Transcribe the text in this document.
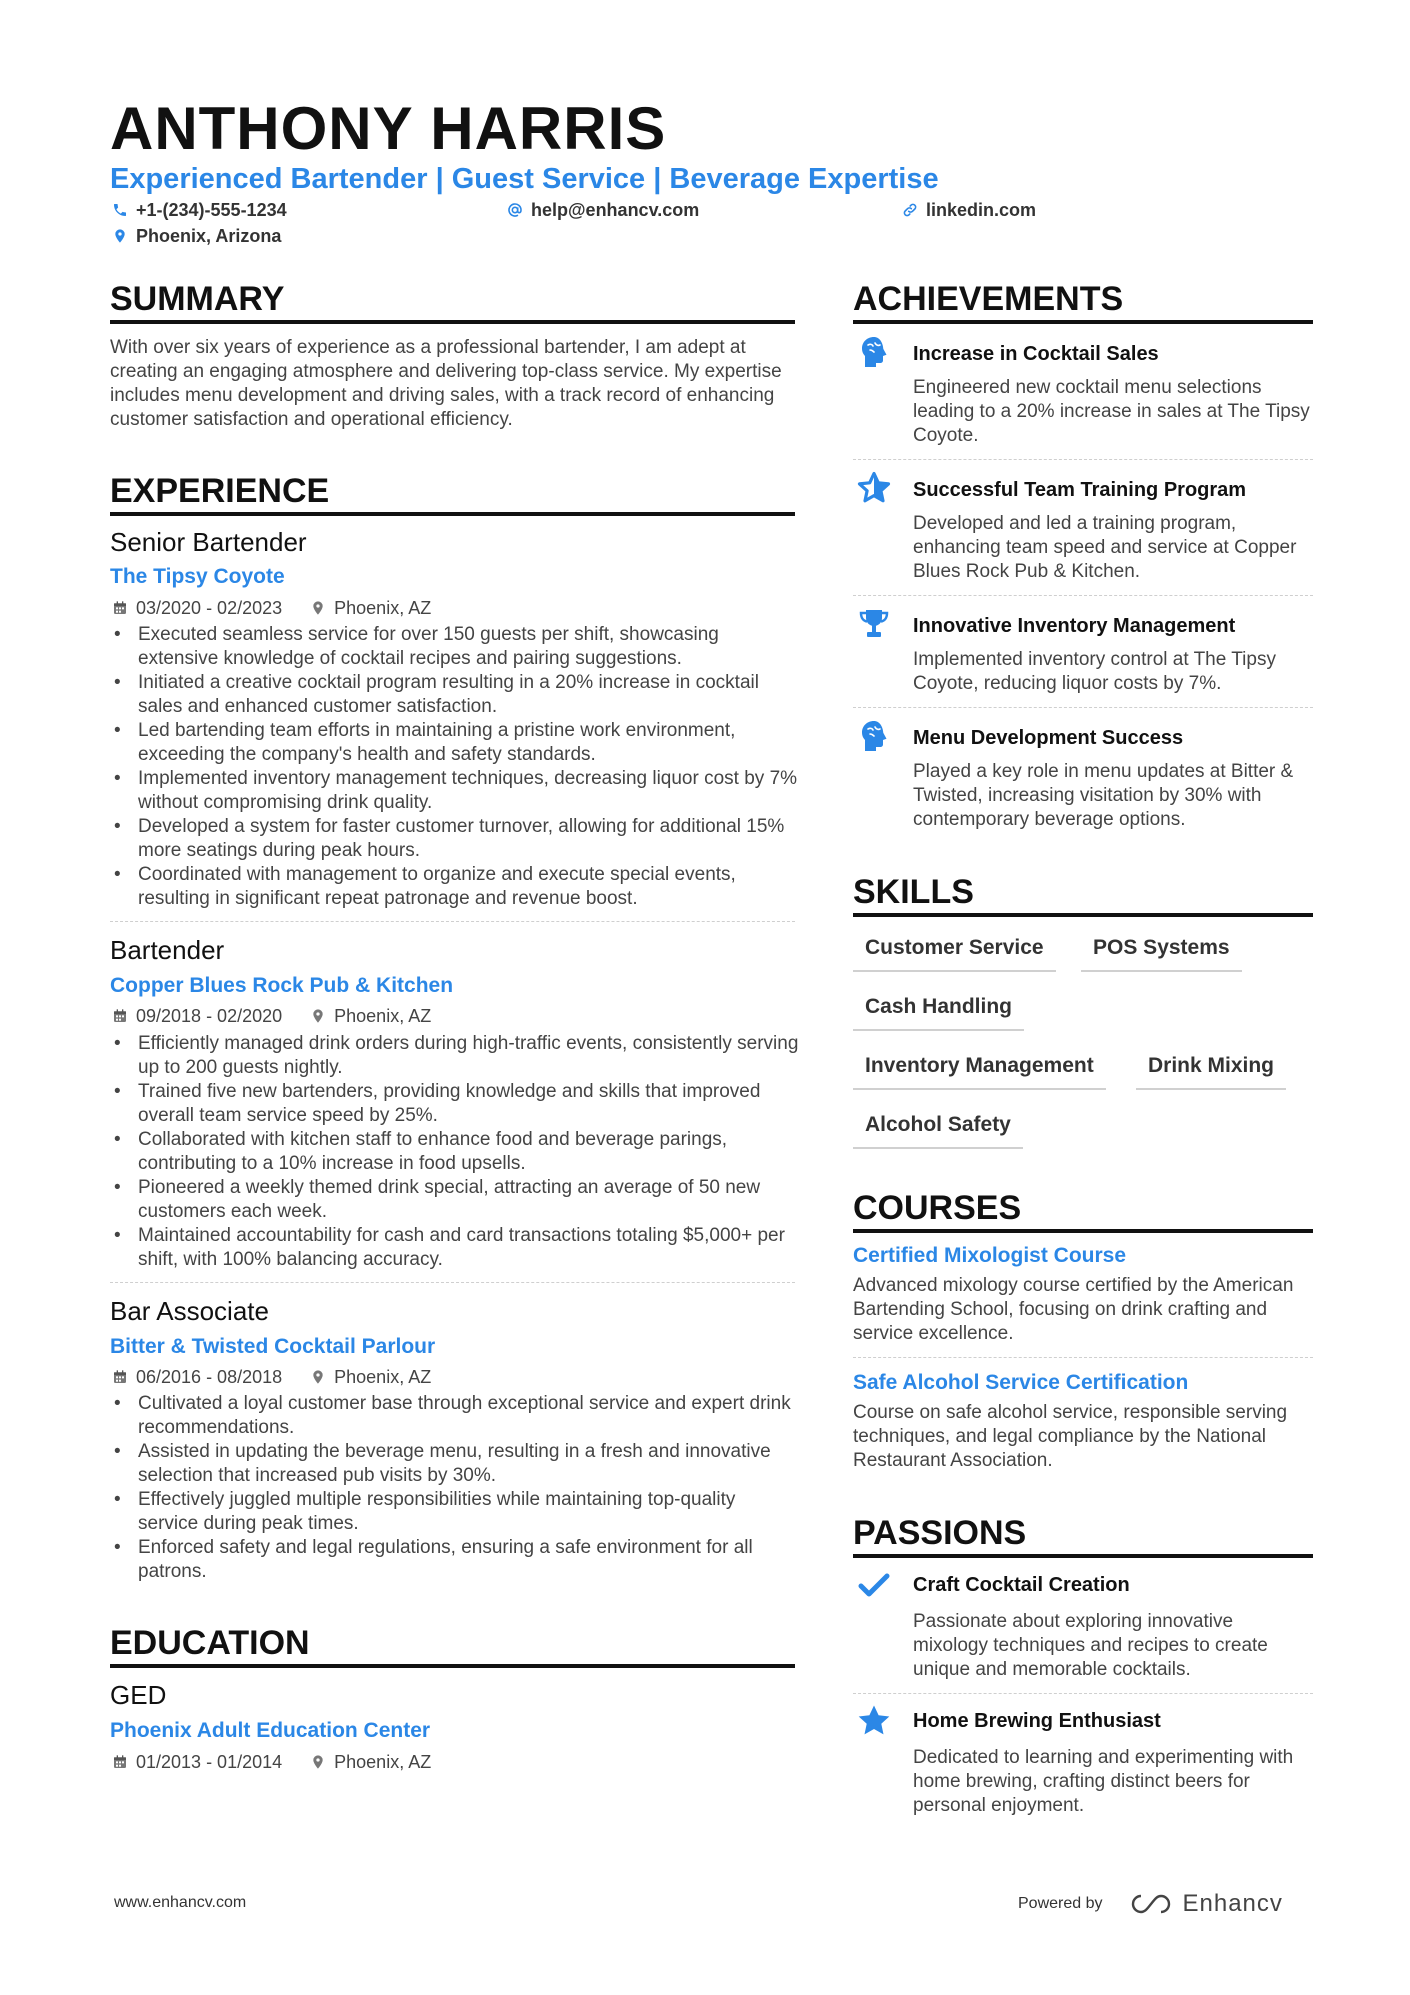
ANTHONY HARRIS
Experienced Bartender | Guest Service | Beverage Expertise
+1-(234)-555-1234	help@enhancv.com	linkedin.com
Phoenix, Arizona
SUMMARY

With over six years of experience as a professional bartender, I am adept at creating an engaging atmosphere and delivering top-class service. My expertise includes menu development and driving sales, with a track record of enhancing customer satisfaction and operational efficiency.

EXPERIENCE
Senior Bartender
The Tipsy Coyote
03/2020 - 02/2023	Phoenix, AZ
• Executed seamless service for over 150 guests per shift, showcasing extensive knowledge of cocktail recipes and pairing suggestions.
• Initiated a creative cocktail program resulting in a 20% increase in cocktail sales and enhanced customer satisfaction.
• Led bartending team efforts in maintaining a pristine work environment, exceeding the company's health and safety standards.
• Implemented inventory management techniques, decreasing liquor cost by 7% without compromising drink quality.
• Developed a system for faster customer turnover, allowing for additional 15% more seatings during peak hours.
• Coordinated with management to organize and execute special events, resulting in significant repeat patronage and revenue boost.
Bartender
Copper Blues Rock Pub & Kitchen
09/2018 - 02/2020	Phoenix, AZ
• Efficiently managed drink orders during high-traffic events, consistently serving up to 200 guests nightly.
• Trained five new bartenders, providing knowledge and skills that improved overall team service speed by 25%.
• Collaborated with kitchen staff to enhance food and beverage parings, contributing to a 10% increase in food upsells.
• Pioneered a weekly themed drink special, attracting an average of 50 new customers each week.
• Maintained accountability for cash and card transactions totaling $5,000+ per shift, with 100% balancing accuracy.
Bar Associate
Bitter & Twisted Cocktail Parlour
06/2016 - 08/2018	Phoenix, AZ
• Cultivated a loyal customer base through exceptional service and expert drink recommendations.
• Assisted in updating the beverage menu, resulting in a fresh and innovative selection that increased pub visits by 30%.
• Effectively juggled multiple responsibilities while maintaining top-quality service during peak times.
• Enforced safety and legal regulations, ensuring a safe environment for all patrons.
EDUCATION
GED
Phoenix Adult Education Center
01/2013 - 01/2014	Phoenix, AZ
ACHIEVEMENTS
Increase in Cocktail Sales

Engineered new cocktail menu selections leading to a 20% increase in sales at The Tipsy Coyote.

Successful Team Training Program

Developed and led a training program, enhancing team speed and service at Copper Blues Rock Pub & Kitchen.

Innovative Inventory Management

Implemented inventory control at The Tipsy Coyote, reducing liquor costs by 7%.

Menu Development Success

Played a key role in menu updates at Bitter & Twisted, increasing visitation by 30% with contemporary beverage options.

SKILLS
Customer Service	POS Systems
Cash Handling
Inventory Management	Drink Mixing
Alcohol Safety
COURSES
Certified Mixologist Course

Advanced mixology course certified by the American Bartending School, focusing on drink crafting and service excellence.

Safe Alcohol Service Certification

Course on safe alcohol service, responsible serving techniques, and legal compliance by the National Restaurant Association.

PASSIONS
Craft Cocktail Creation

Passionate about exploring innovative mixology techniques and recipes to create unique and memorable cocktails.

Home Brewing Enthusiast

Dedicated to learning and experimenting with home brewing, crafting distinct beers for personal enjoyment.

www.enhancv.com	Powered by	Enhancv
